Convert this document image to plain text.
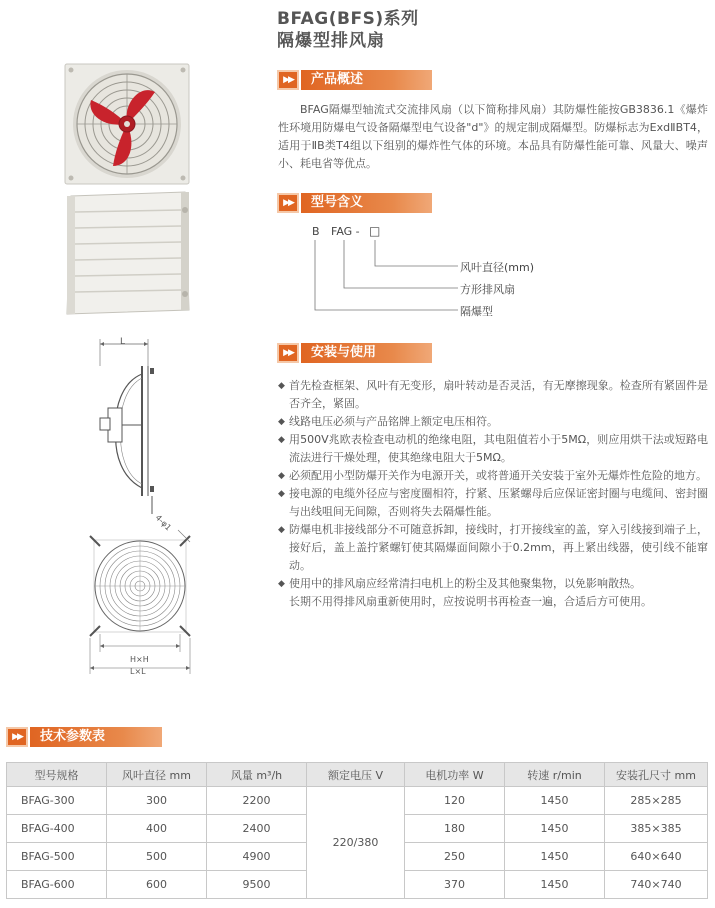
BFAG(BFS)系列
隔爆型排风扇
L
4-φ1
H×H
L×L
▶▶	产品概述
BFAG隔爆型轴流式交流排风扇（以下简称排风扇）其防爆性能按GB3836.1《爆炸性环境用防爆电气设备隔爆型电气设备"d"》的规定制成隔爆型。防爆标志为ExdⅡBT4，适用于ⅡB类T4组以下组别的爆炸性气体的环境。本品具有防爆性能可靠、风量大、噪声小、耗电省等优点。
▶▶	型号含义
B FAG - □
风叶直径(mm)
方形排风扇
隔爆型
▶▶	安装与使用
◆ 首先检查框架、风叶有无变形，扇叶转动是否灵活，有无摩擦现象。检查所有紧固件是否齐全，紧固。
◆ 线路电压必须与产品铭牌上额定电压相符。
◆ 用500V兆欧表检查电动机的绝缘电阻，其电阻值若小于5MΩ，则应用烘干法或短路电流法进行干燥处理，使其绝缘电阻大于5MΩ。
◆ 必须配用小型防爆开关作为电源开关，或将普通开关安装于室外无爆炸性危险的地方。
◆ 接电源的电缆外径应与密度圈相符，拧紧、压紧螺母后应保证密封圈与电缆间、密封圈与出线咀间无间隙，否则将失去隔爆性能。
◆ 防爆电机非接线部分不可随意拆卸，接线时，打开接线室的盖，穿入引线接到端子上，接好后，盖上盖拧紧螺钉使其隔爆面间隙小于0.2mm，再上紧出线器，使引线不能窜动。
◆ 使用中的排风扇应经常清扫电机上的粉尘及其他聚集物，以免影响散热。
长期不用得排风扇重新使用时，应按说明书再检查一遍，合适后方可使用。
▶▶	技术参数表
型号规格	风叶直径 mm	风量 m³/h	额定电压 V	电机功率 W	转速 r/min	安装孔尺寸 mm
BFAG-300	300	2200	220/380	120	1450	285×285
BFAG-400	400	2400		180	1450	385×385
BFAG-500	500	4900		250	1450	640×640
BFAG-600	600	9500		370	1450	740×740
